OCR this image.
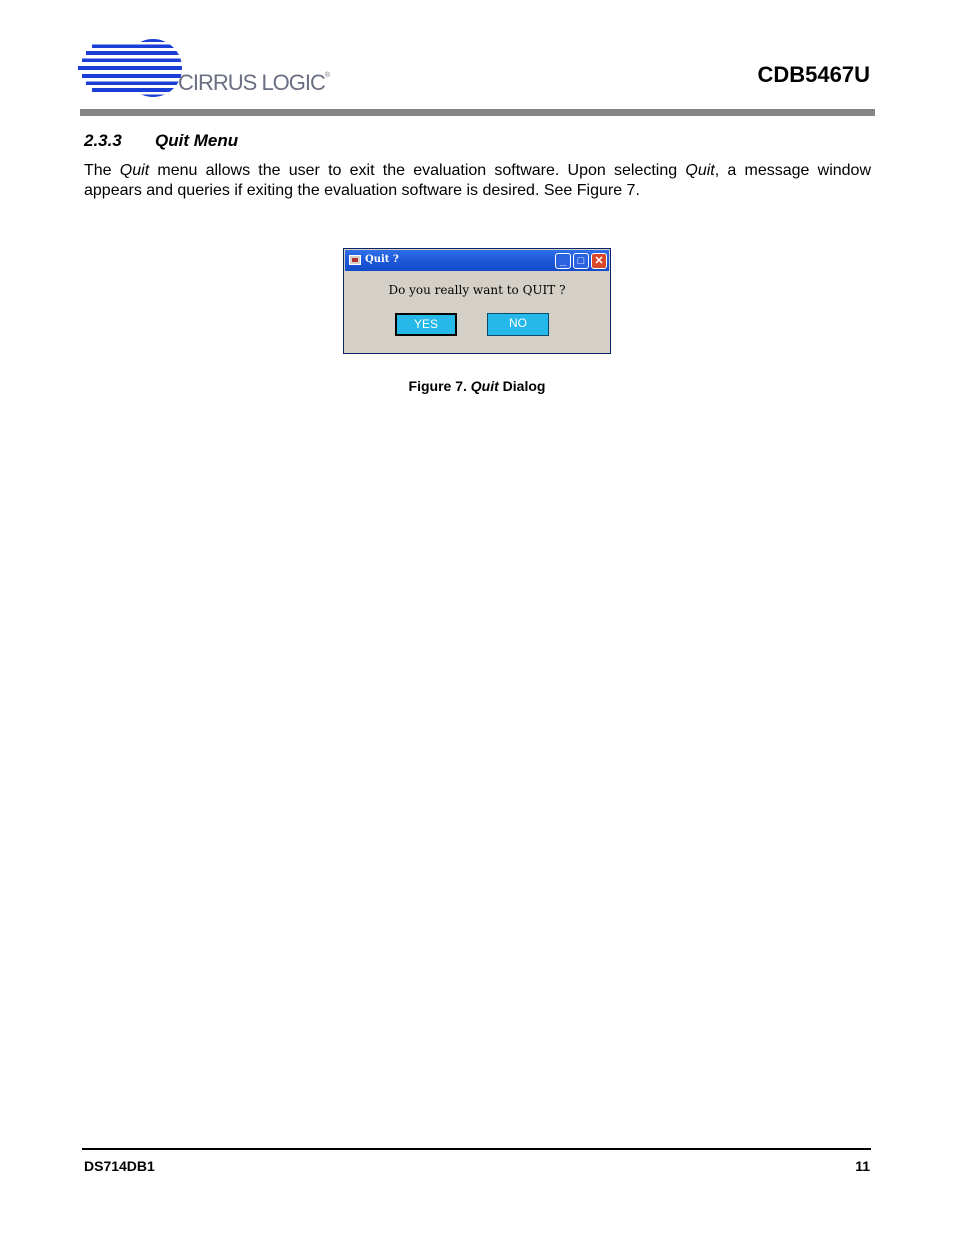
CIRRUS LOGIC®	CDB5467U
2.3.3 Quit Menu
The Quit menu allows the user to exit the evaluation software. Upon selecting Quit, a message window appears and queries if exiting the evaluation software is desired. See Figure 7.
Quit ?	_	□ ✕
Do you really want to QUIT ?
YES	NO
Figure 7. Quit Dialog
DS714DB1	11
